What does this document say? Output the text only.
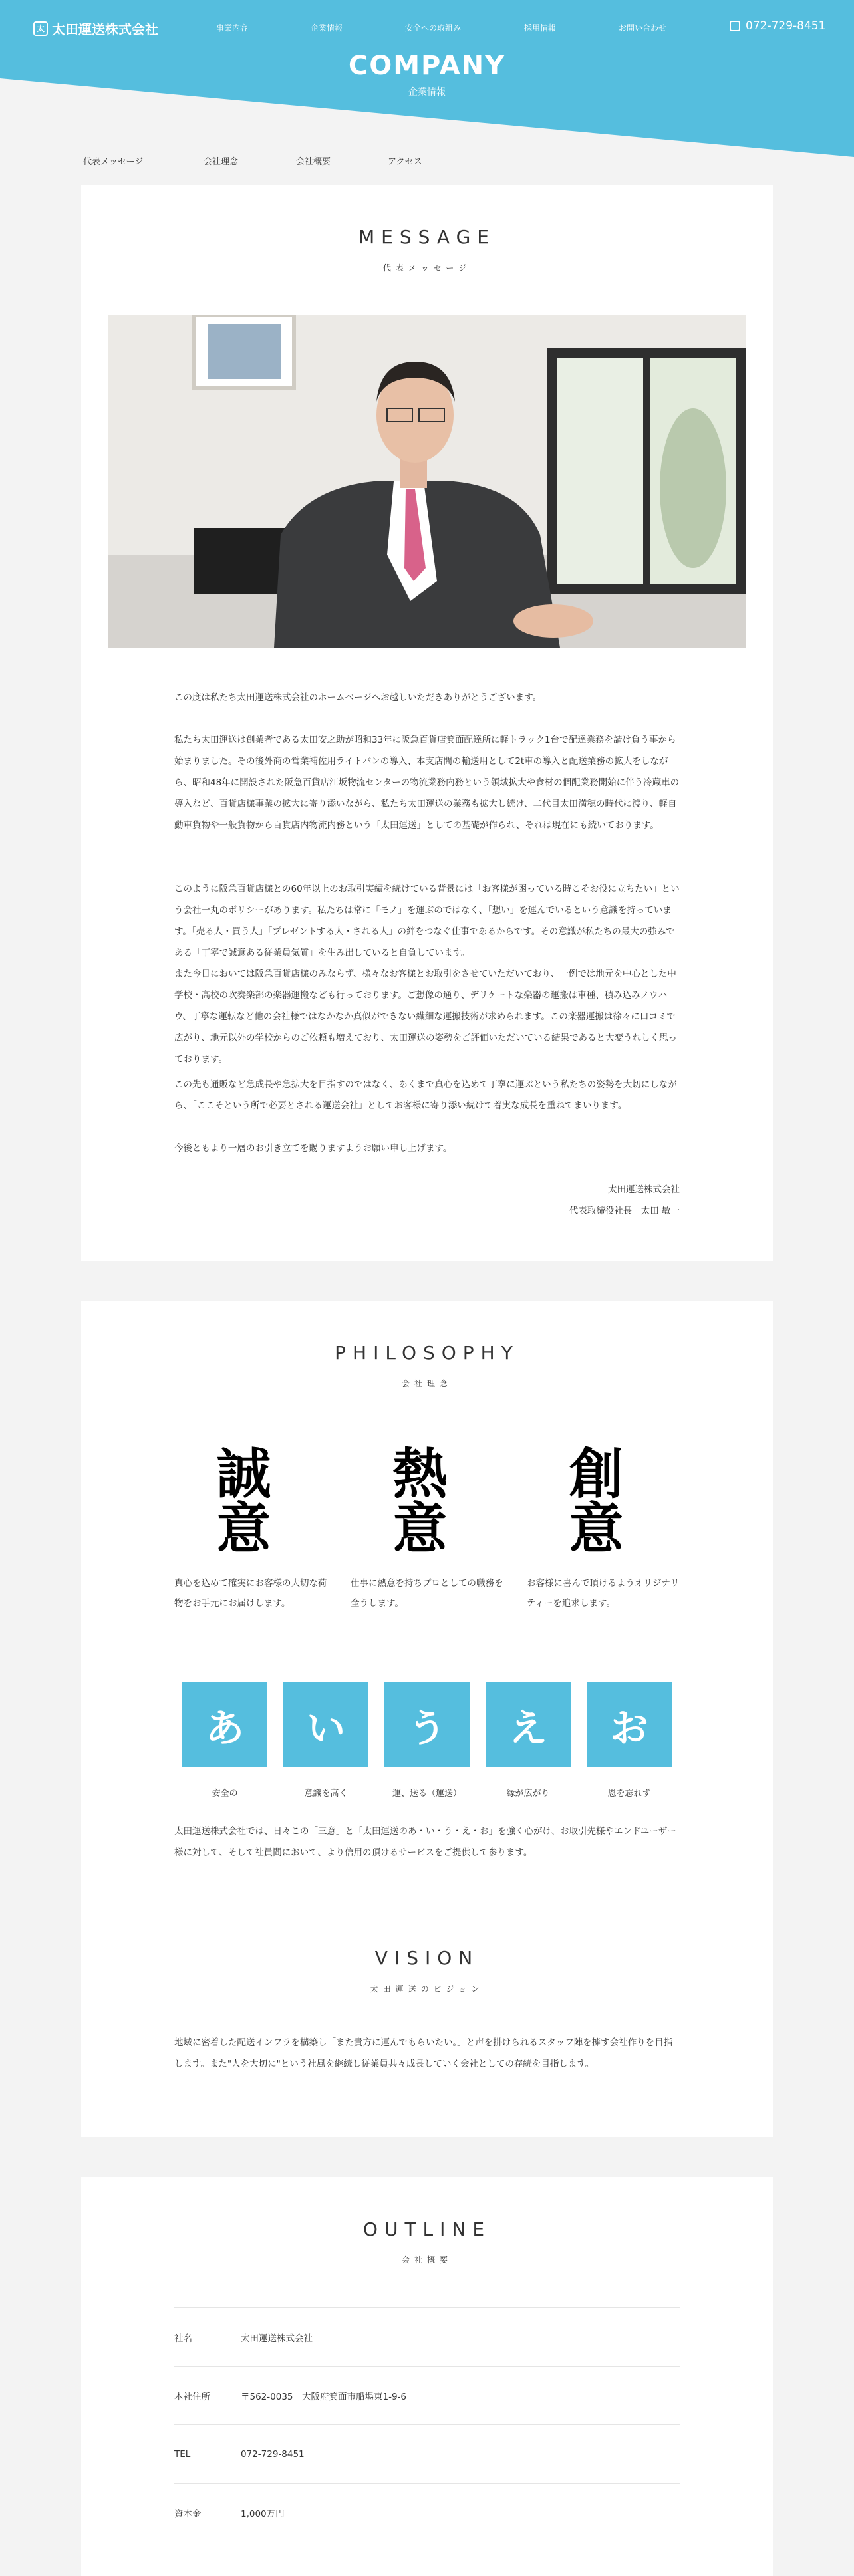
太 太田運送株式会社	事業内容	企業情報	安全への取組み	採用情報	お問い合わせ	072-729-8451
COMPANY
企業情報
代表メッセージ	会社理念	会社概要	アクセス
MESSAGE
代表メッセージ
この度は私たち太田運送株式会社のホームページへお越しいただきありがとうございます。
私たち太田運送は創業者である太田安之助が昭和33年に阪急百貨店箕面配達所に軽トラック1台で配達業務を請け負う事から始まりました。その後外商の営業補佐用ライトバンの導入、本支店間の輸送用として2t車の導入と配送業務の拡大をしながら、昭和48年に開設された阪急百貨店江坂物流センターの物流業務内務という領域拡大や食材の個配業務開始に伴う冷蔵車の導入など、百貨店様事業の拡大に寄り添いながら、私たち太田運送の業務も拡大し続け、二代目太田満穂の時代に渡り、軽自動車貨物や一般貨物から百貨店内物流内務という「太田運送」としての基礎が作られ、それは現在にも続いております。
このように阪急百貨店様との60年以上のお取引実績を続けている背景には「お客様が困っている時こそお役に立ちたい」という会社一丸のポリシーがあります。私たちは常に「モノ」を運ぶのではなく、「想い」を運んでいるという意識を持っています。「売る人・買う人」「プレゼントする人・される人」の絆をつなぐ仕事であるからです。その意識が私たちの最大の強みである「丁寧で誠意ある従業員気質」を生み出していると自負しています。
また今日においては阪急百貨店様のみならず、様々なお客様とお取引をさせていただいており、一例では地元を中心とした中学校・高校の吹奏楽部の楽器運搬なども行っております。ご想像の通り、デリケートな楽器の運搬は車種、積み込みノウハウ、丁寧な運転など他の会社様ではなかなか真似ができない繊細な運搬技術が求められます。この楽器運搬は徐々に口コミで広がり、地元以外の学校からのご依頼も増えており、太田運送の姿勢をご評価いただいている結果であると大変うれしく思っております。
この先も通販など急成長や急拡大を目指すのではなく、あくまで真心を込めて丁寧に運ぶという私たちの姿勢を大切にしながら、「ここそという所で必要とされる運送会社」としてお客様に寄り添い続けて着実な成長を重ねてまいります。
今後ともより一層のお引き立てを賜りますようお願い申し上げます。
太田運送株式会社
代表取締役社長　太田 敏一
PHILOSOPHY
会社理念
誠意
真心を込めて確実にお客様の大切な荷物をお手元にお届けします。
熱意
仕事に熱意を持ちプロとしての職務を全うします。
創意
お客様に喜んで頂けるようオリジナリティーを追求します。
あ	い	う	え	お
安全の	意識を高く	運、送る（運送）	縁が広がり	恩を忘れず
太田運送株式会社では、日々この「三意」と「太田運送のあ・い・う・え・お」を強く心がけ、お取引先様やエンドユーザー様に対して、そして社員間において、より信用の頂けるサービスをご提供して参ります。
VISION
太田運送のビジョン
地域に密着した配送インフラを構築し「また貴方に運んでもらいたい。」と声を掛けられるスタッフ陣を擁す会社作りを目指します。また"人を大切に"という社風を継続し従業員共々成長していく会社としての存続を目指します。
OUTLINE
会社概要
社名	太田運送株式会社
本社住所	〒562-0035　大阪府箕面市船場東1-9-6
TEL	072-729-8451
資本金	1,000万円
